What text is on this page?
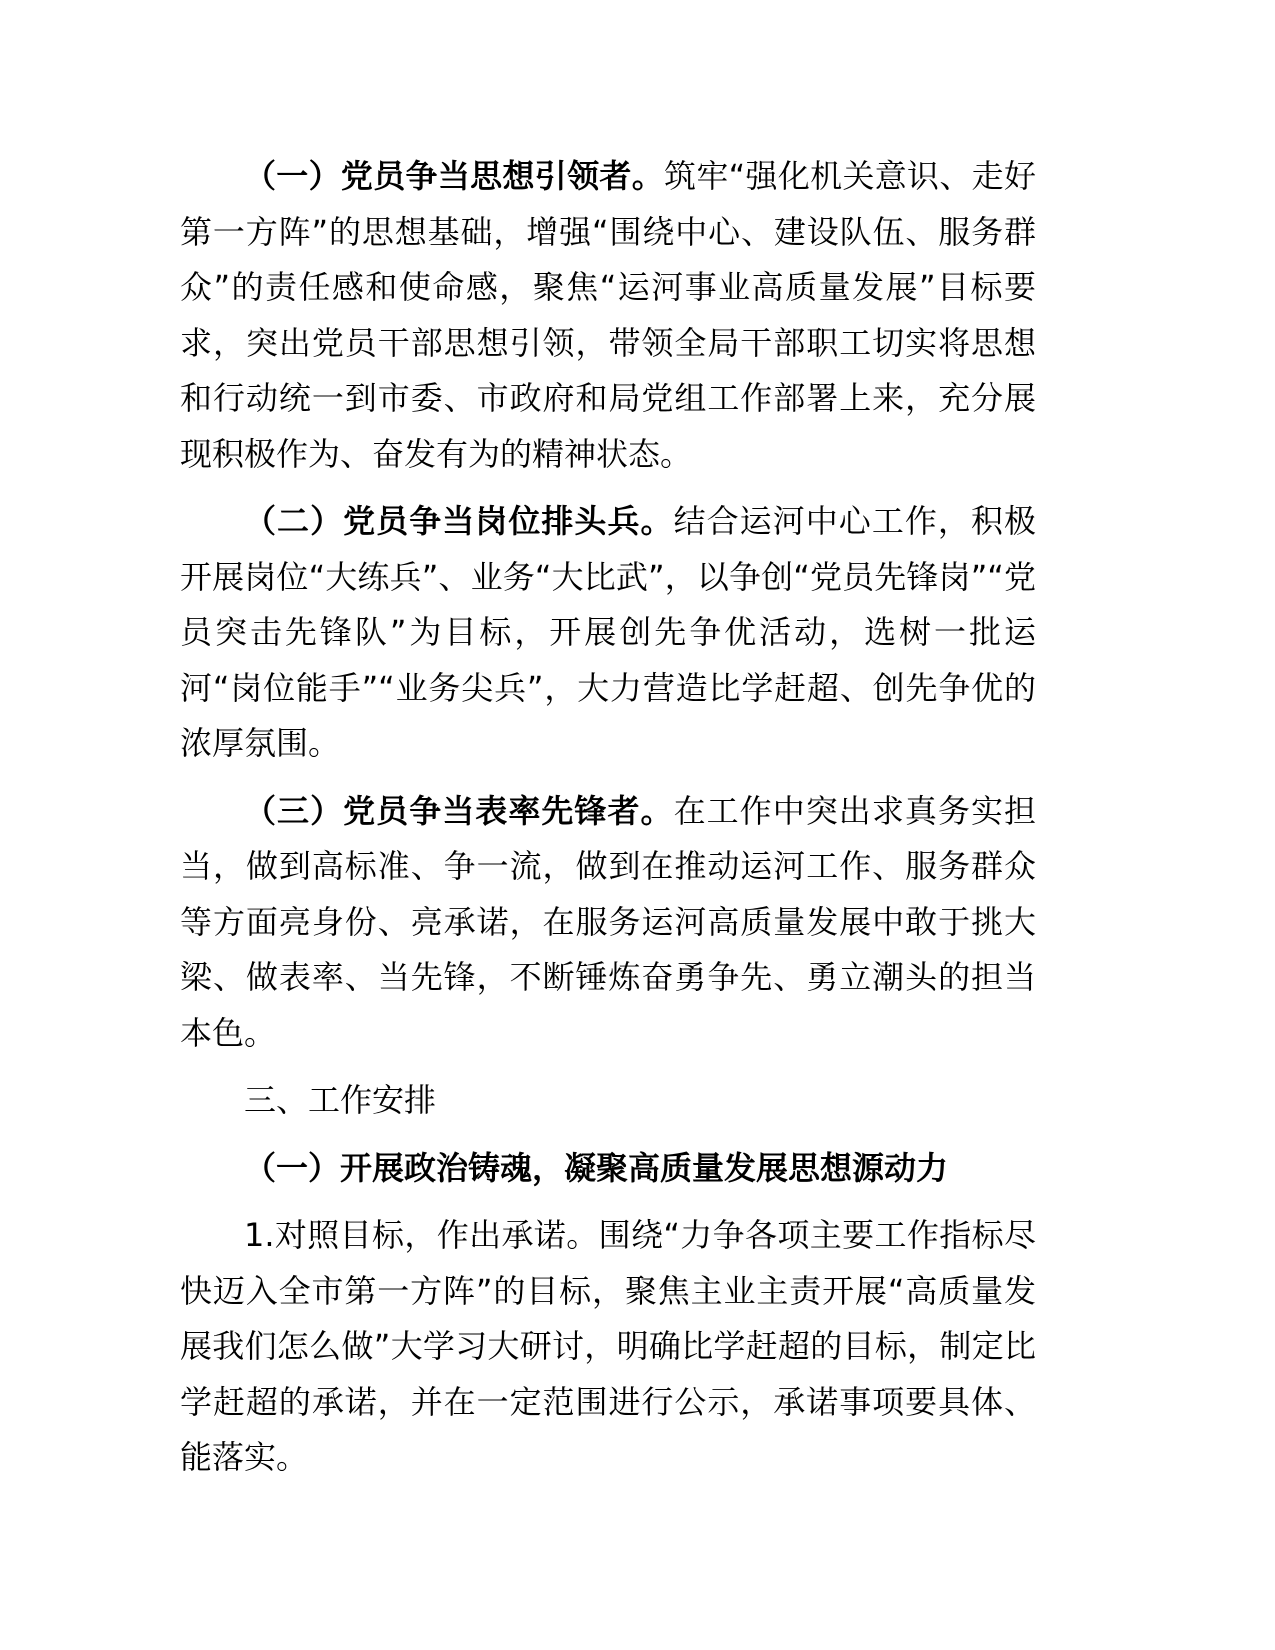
（一）党员争当思想引领者。筑牢“强化机关意识、走好第一方阵”的思想基础，增强“围绕中心、建设队伍、服务群众”的责任感和使命感，聚焦“运河事业高质量发展”目标要求，突出党员干部思想引领，带领全局干部职工切实将思想和行动统一到市委、市政府和局党组工作部署上来，充分展现积极作为、奋发有为的精神状态。

（二）党员争当岗位排头兵。结合运河中心工作，积极开展岗位“大练兵”、业务“大比武”，以争创“党员先锋岗”“党员突击先锋队”为目标，开展创先争优活动，选树一批运河“岗位能手”“业务尖兵”，大力营造比学赶超、创先争优的浓厚氛围。

（三）党员争当表率先锋者。在工作中突出求真务实担当，做到高标准、争一流，做到在推动运河工作、服务群众等方面亮身份、亮承诺，在服务运河高质量发展中敢于挑大梁、做表率、当先锋，不断锤炼奋勇争先、勇立潮头的担当本色。

三、工作安排

（一）开展政治铸魂，凝聚高质量发展思想源动力

1.对照目标，作出承诺。围绕“力争各项主要工作指标尽快迈入全市第一方阵”的目标，聚焦主业主责开展“高质量发展我们怎么做”大学习大研讨，明确比学赶超的目标，制定比学赶超的承诺，并在一定范围进行公示，承诺事项要具体、能落实。
